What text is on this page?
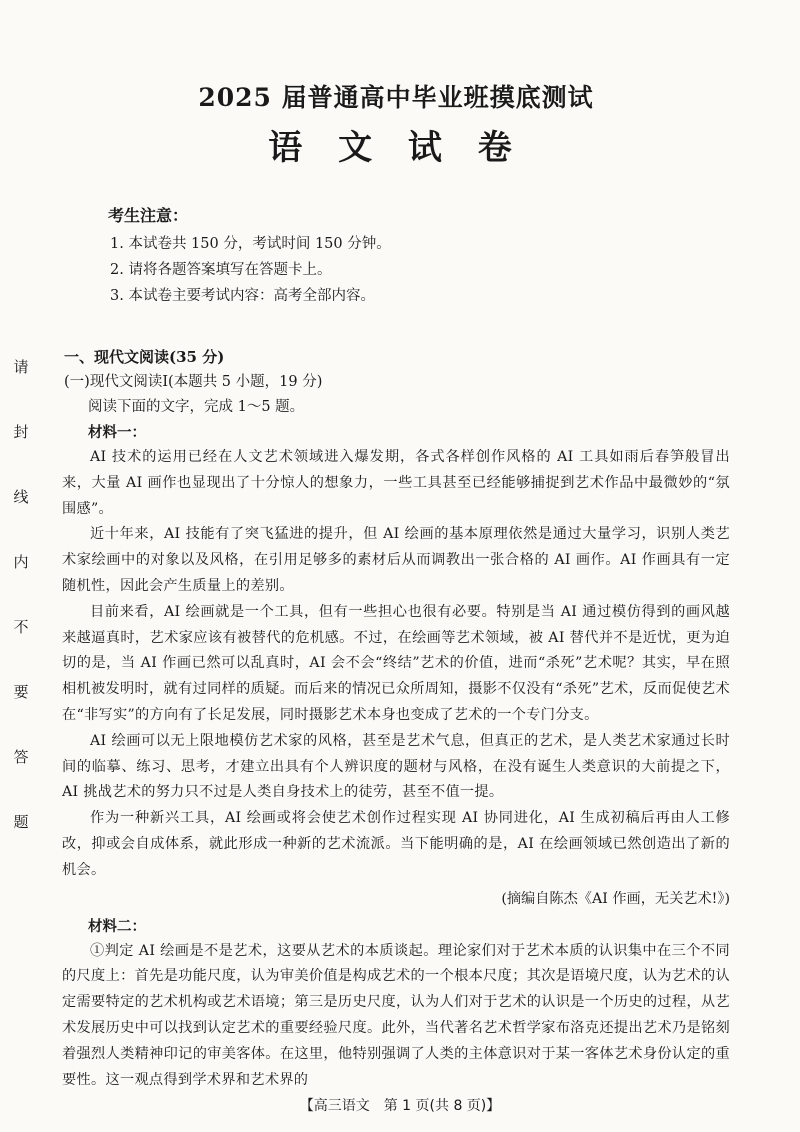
请
封
线
内
不
要
答
题
2025 届普通高中毕业班摸底测试
语 文 试 卷
考生注意：
1. 本试卷共 150 分，考试时间 150 分钟。
2. 请将各题答案填写在答题卡上。
3. 本试卷主要考试内容：高考全部内容。
一、现代文阅读(35 分)
(一)现代文阅读Ⅰ(本题共 5 小题，19 分)
阅读下面的文字，完成 1～5 题。
材料一：

AI 技术的运用已经在人文艺术领域进入爆发期，各式各样创作风格的 AI 工具如雨后春笋般冒出来，大量 AI 画作也显现出了十分惊人的想象力，一些工具甚至已经能够捕捉到艺术作品中最微妙的“氛围感”。

近十年来，AI 技能有了突飞猛进的提升，但 AI 绘画的基本原理依然是通过大量学习，识别人类艺术家绘画中的对象以及风格，在引用足够多的素材后从而调教出一张合格的 AI 画作。AI 作画具有一定随机性，因此会产生质量上的差别。

目前来看，AI 绘画就是一个工具，但有一些担心也很有必要。特别是当 AI 通过模仿得到的画风越来越逼真时，艺术家应该有被替代的危机感。不过，在绘画等艺术领域，被 AI 替代并不是近忧，更为迫切的是，当 AI 作画已然可以乱真时，AI 会不会“终结”艺术的价值，进而“杀死”艺术呢？其实，早在照相机被发明时，就有过同样的质疑。而后来的情况已众所周知，摄影不仅没有“杀死”艺术，反而促使艺术在“非写实”的方向有了长足发展，同时摄影艺术本身也变成了艺术的一个专门分支。

AI 绘画可以无上限地模仿艺术家的风格，甚至是艺术气息，但真正的艺术，是人类艺术家通过长时间的临摹、练习、思考，才建立出具有个人辨识度的题材与风格，在没有诞生人类意识的大前提之下，AI 挑战艺术的努力只不过是人类自身技术上的徒劳，甚至不值一提。

作为一种新兴工具，AI 绘画或将会使艺术创作过程实现 AI 协同进化，AI 生成初稿后再由人工修改，抑或会自成体系，就此形成一种新的艺术流派。当下能明确的是，AI 在绘画领域已然创造出了新的机会。

(摘编自陈杰《AI 作画，无关艺术!》)
材料二：

①判定 AI 绘画是不是艺术，这要从艺术的本质谈起。理论家们对于艺术本质的认识集中在三个不同的尺度上：首先是功能尺度，认为审美价值是构成艺术的一个根本尺度；其次是语境尺度，认为艺术的认定需要特定的艺术机构或艺术语境；第三是历史尺度，认为人们对于艺术的认识是一个历史的过程，从艺术发展历史中可以找到认定艺术的重要经验尺度。此外，当代著名艺术哲学家布洛克还提出艺术乃是铭刻着强烈人类精神印记的审美客体。在这里，他特别强调了人类的主体意识对于某一客体艺术身份认定的重要性。这一观点得到学术界和艺术界的

【高三语文　第 1 页(共 8 页)】
